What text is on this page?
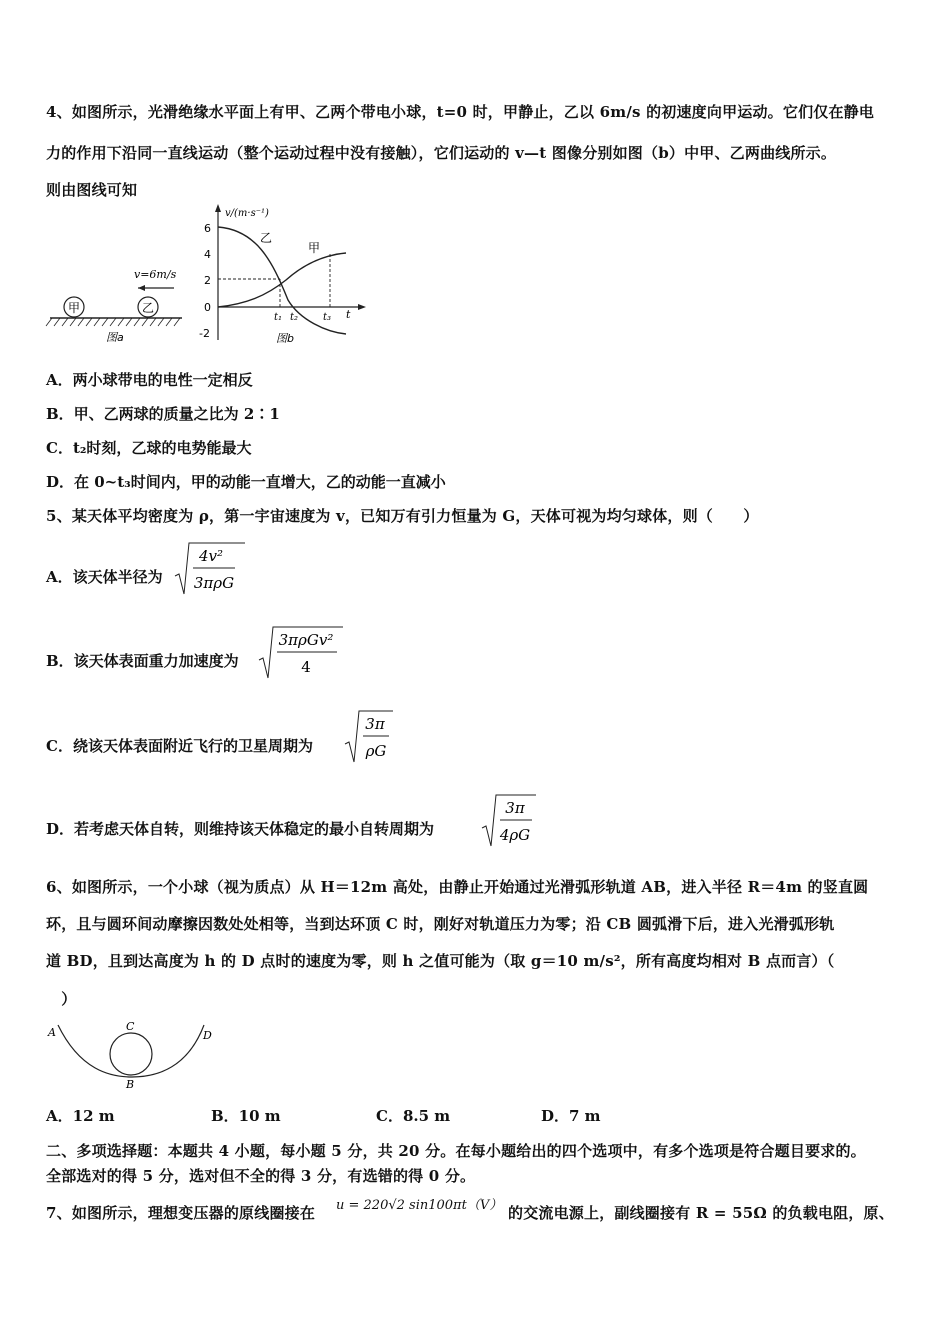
4、如图所示，光滑绝缘水平面上有甲、乙两个带电小球，t=0 时，甲静止，乙以 6m/s 的初速度向甲运动。它们仅在静电
力的作用下沿同一直线运动（整个运动过程中没有接触），它们运动的 v—t 图像分别如图（b）中甲、乙两曲线所示。
则由图线可知
甲	乙
v=6m/s
图a
6
4
2
0
-2
v/(m·s⁻¹)
乙
甲
t₁ t₂ t₃ t
图b
A．两小球带电的电性一定相反
B．甲、乙两球的质量之比为 2∶1
C．t₂时刻，乙球的电势能最大
D．在 0~t₃时间内，甲的动能一直增大，乙的动能一直减小
5、某天体平均密度为 ρ，第一宇宙速度为 v，已知万有引力恒量为 G，天体可视为均匀球体，则（　　）
A．该天体半径为
4v²
3πρG
B．该天体表面重力加速度为
3πρGv²
4
C．绕该天体表面附近飞行的卫星周期为
3π
ρG
D．若考虑天体自转，则维持该天体稳定的最小自转周期为
3π
4ρG
6、如图所示，一个小球（视为质点）从 H＝12m 高处，由静止开始通过光滑弧形轨道 AB，进入半径 R＝4m 的竖直圆
环，且与圆环间动摩擦因数处处相等，当到达环顶 C 时，刚好对轨道压力为零；沿 CB 圆弧滑下后，进入光滑弧形轨
道 BD，且到达高度为 h 的 D 点时的速度为零，则 h 之值可能为（取 g＝10 m/s²，所有高度均相对 B 点而言）（
　）
A	C
B
D
A．12 m	B．10 m	C．8.5 m	D．7 m
二、多项选择题：本题共 4 小题，每小题 5 分，共 20 分。在每小题给出的四个选项中，有多个选项是符合题目要求的。
全部选对的得 5 分，选对但不全的得 3 分，有选错的得 0 分。
7、如图所示，理想变压器的原线圈接在 u = 220√2 sin100πt（V） 的交流电源上，副线圈接有 R = 55Ω 的负载电阻，原、
